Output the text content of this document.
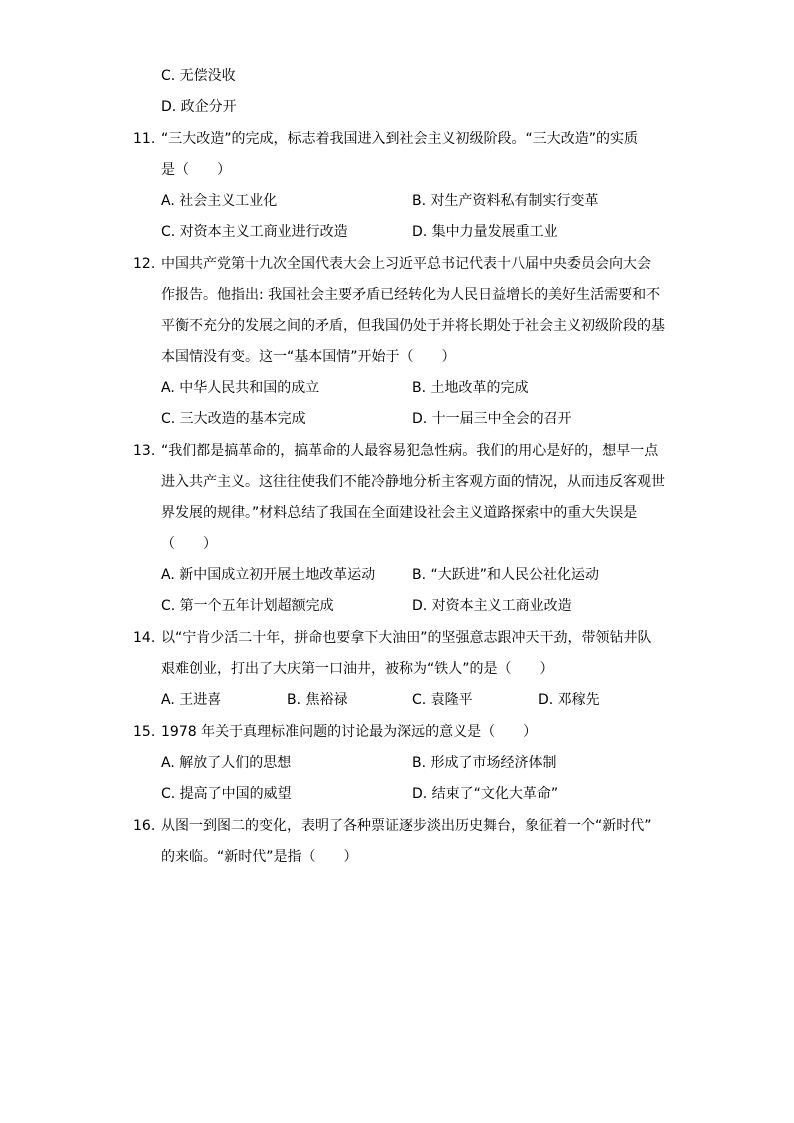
C. 无偿没收
D. 政企分开
11. “三大改造”的完成，标志着我国进入到社会主义初级阶段。“三大改造”的实质
是（　　）
A. 社会主义工业化	B. 对生产资料私有制实行变革
C. 对资本主义工商业进行改造	D. 集中力量发展重工业
12. 中国共产党第十九次全国代表大会上习近平总书记代表十八届中央委员会向大会
作报告。他指出: 我国社会主要矛盾已经转化为人民日益增长的美好生活需要和不
平衡不充分的发展之间的矛盾，但我国仍处于并将长期处于社会主义初级阶段的基
本国情没有变。这一“基本国情”开始于（　　）
A. 中华人民共和国的成立	B. 土地改革的完成
C. 三大改造的基本完成	D. 十一届三中全会的召开
13. “我们都是搞革命的，搞革命的人最容易犯急性病。我们的用心是好的，想早一点
进入共产主义。这往往使我们不能冷静地分析主客观方面的情况，从而违反客观世
界发展的规律。”材料总结了我国在全面建设社会主义道路探索中的重大失误是
（　　）
A. 新中国成立初开展土地改革运动	B. “大跃进”和人民公社化运动
C. 第一个五年计划超额完成	D. 对资本主义工商业改造
14. 以“宁肯少活二十年，拼命也要拿下大油田”的坚强意志跟冲天干劲，带领钻井队
艰难创业，打出了大庆第一口油井，被称为“铁人”的是（　　）
A. 王进喜	B. 焦裕禄	C. 袁隆平	D. 邓稼先
15. 1978 年关于真理标准问题的讨论最为深远的意义是（　　）
A. 解放了人们的思想	B. 形成了市场经济体制
C. 提高了中国的威望	D. 结束了“文化大革命”
16. 从图一到图二的变化，表明了各种票证逐步淡出历史舞台，象征着一个“新时代”
的来临。“新时代”是指（　　）
